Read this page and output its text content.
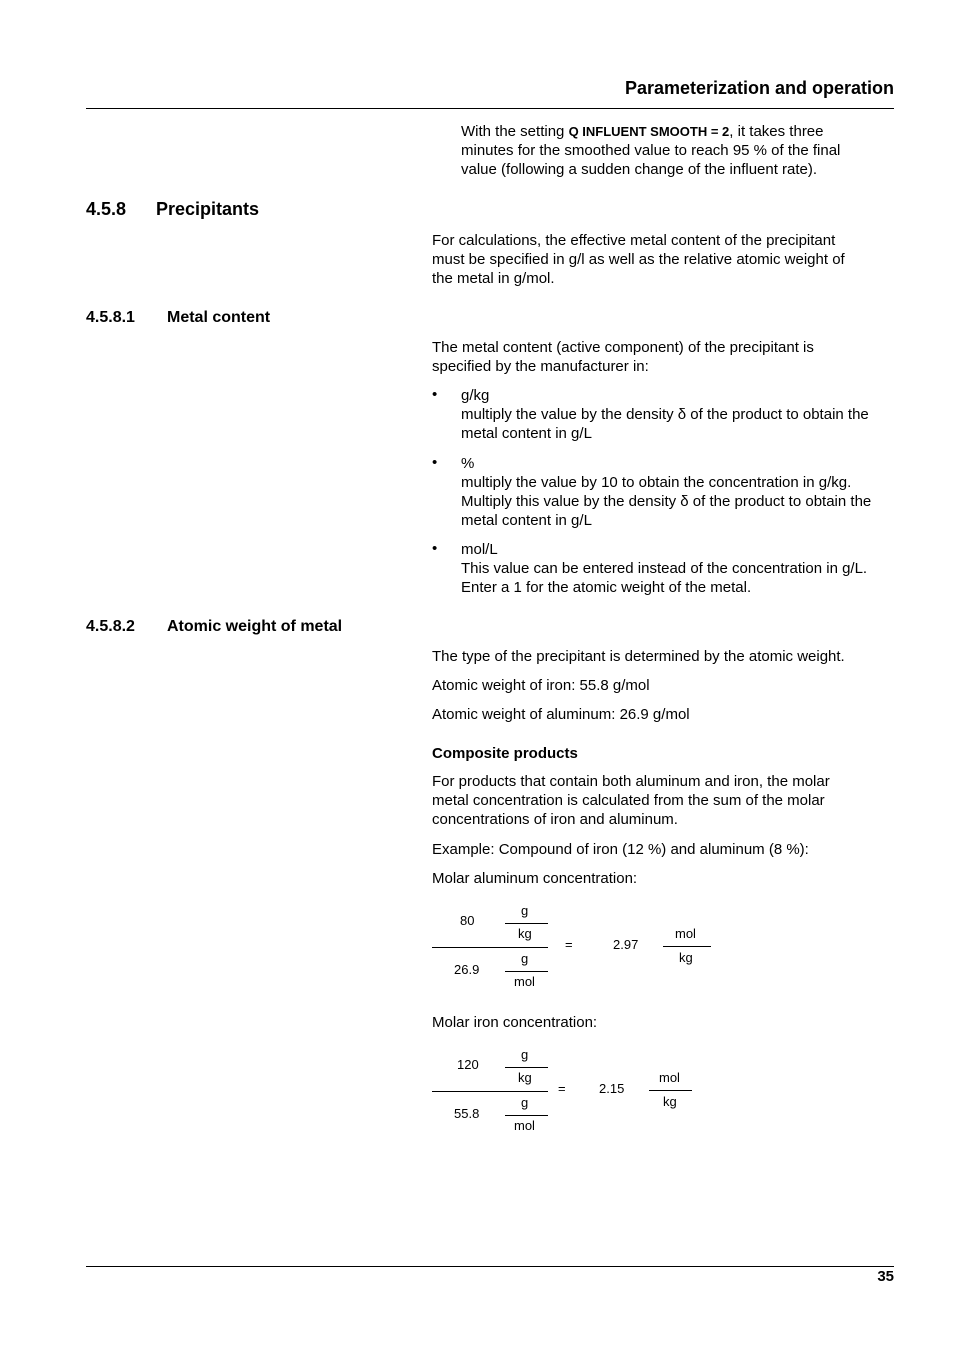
Parameterization and operation
With the setting Q INFLUENT SMOOTH = 2, it takes three
minutes for the smoothed value to reach 95 % of the final
value (following a sudden change of the influent rate).
4.5.8 Precipitants
For calculations, the effective metal content of the precipitant
must be specified in g/l as well as the relative atomic weight of
the metal in g/mol.
4.5.8.1 Metal content
The metal content (active component) of the precipitant is
specified by the manufacturer in:
• g/kg
multiply the value by the density δ of the product to obtain the
metal content in g/L
• %
multiply the value by 10 to obtain the concentration in g/kg.
Multiply this value by the density δ of the product to obtain the
metal content in g/L
• mol/L
This value can be entered instead of the concentration in g/L.
Enter a 1 for the atomic weight of the metal.
4.5.8.2 Atomic weight of metal
The type of the precipitant is determined by the atomic weight.
Atomic weight of iron: 55.8 g/mol
Atomic weight of aluminum: 26.9 g/mol
Composite products
For products that contain both aluminum and iron, the molar
metal concentration is calculated from the sum of the molar
concentrations of iron and aluminum.
Example: Compound of iron (12 %) and aluminum (8 %):
Molar aluminum concentration:
80
g
kg
26.9
g
mol
=	2.97
mol
kg
Molar iron concentration:
120
g
kg
55.8
g
mol
=	2.15
mol
kg
35
